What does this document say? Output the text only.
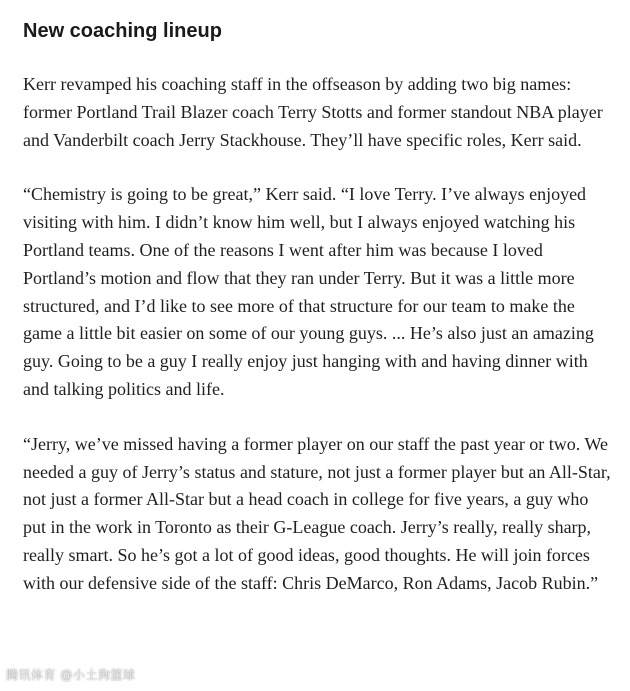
New coaching lineup

Kerr revamped his coaching staff in the offseason by adding two big names: former Portland Trail Blazer coach Terry Stotts and former standout NBA player and Vanderbilt coach Jerry Stackhouse. They’ll have specific roles, Kerr said.

“Chemistry is going to be great,” Kerr said. “I love Terry. I’ve always enjoyed visiting with him. I didn’t know him well, but I always enjoyed watching his Portland teams. One of the reasons I went after him was because I loved Portland’s motion and flow that they ran under Terry. But it was a little more structured, and I’d like to see more of that structure for our team to make the game a little bit easier on some of our young guys. ... He’s also just an amazing guy. Going to be a guy I really enjoy just hanging with and having dinner with and talking politics and life.

“Jerry, we’ve missed having a former player on our staff the past year or two. We needed a guy of Jerry’s status and stature, not just a former player but an All-Star, not just a former All-Star but a head coach in college for five years, a guy who put in the work in Toronto as their G-League coach. Jerry’s really, really sharp, really smart. So he’s got a lot of good ideas, good thoughts. He will join forces with our defensive side of the staff: Chris DeMarco, Ron Adams, Jacob Rubin.”

腾讯体育 @小土狗篮球
